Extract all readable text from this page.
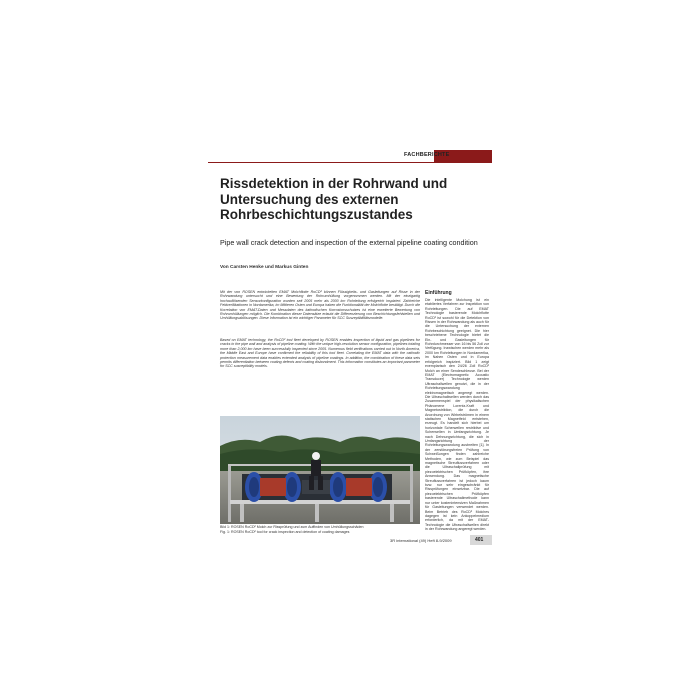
FACHBERICHTE
Rissdetektion in der Rohrwand und Untersuchung des externen Rohrbeschichtungszustandes
Pipe wall crack detection and inspection of the external pipeline coating condition
Von Carsten Henke und Markus Ginten
Mit der von ROSEN entwickelten EMAT Molchflotte RoCD² können Flüssigkeits- und Gasleitungen auf Risse in der Rohrwandung untersucht und eine Bewertung der Rohrumhüllung vorgenommen werden. Mit der einzigartig hochauflösenden Sensorkonfiguration wurden seit 2005 mehr als 2000 km Rohrleitung erfolgreich inspiziert. Zahlreiche Feldverifikationen in Nordamerika, im Mittleren Osten und Europa haben die Funktionalität der Molchflotte bestätigt. Durch die Korrelation von EMAT-Daten und Messdaten des kathodischen Korrosionsschutzes ist eine erweiterte Bewertung von Rohrumhüllungen möglich. Die Kombination dieser Datensätze erlaubt die Differenzierung von Beschichtungsfehlstellen und Umhüllungsablösungen. Diese Information ist ein wichtiger Parameter für SCC Suszeptibilitätsmodelle.
Based on EMAT technology, the RoCD² tool fleet developed by ROSEN enables inspection of liquid and gas pipelines for cracks in the pipe wall and analysis of pipeline coating. With the unique high-resolution sensor configuration, pipelines totaling more than 2,000 km have been successfully inspected since 2005. Numerous field verifications carried out in North America, the Middle East and Europe have confirmed the reliability of this tool fleet. Correlating the EMAT data with the cathodic protection measurement data enables extended analysis of pipeline coatings. In addition, the combination of these data sets permits differentiation between coating defects and coating disbondment. This information constitutes an important parameter for SCC susceptibility models.
Einführung
Die intelligente Molchung ist ein etabliertes Verfahren zur Inspektion von Rohrleitungen. Die auf EMAT Technologie basierende Molchflotte RoCD² ist sowohl für die Detektion von Rissen in der Rohrwandung als auch für die Untersuchung der externen Rohrbeschichtung geeignet. Die hier beschriebene Technologie bietet die Ein- und Gasleitungen für Rohrdurchmesser von 16 bis 56 Zoll zur Verfügung. Inzwischen werden mehr als 2000 km Rohrleitungen in Nordamerika, im Nahen Osten und in Europa erfolgreich inspiziert. Bild 1 zeigt exemplarisch den 24/26 Zoll RoCD² Molch an einer Sendeschleuse. Bei der EMAT (Electromagnetic Acoustic Transducer) Technologie werden Ultraschallwellen genutzt, die in der Rohrleitungswandung elektromagnetisch angeregt werden. Die Ultraschallwellen werden durch das Zusammenspiel der physikalischen Phänomene Lorentz-Kraft und Magnetostriktion, die durch die Anordnung von Wirbelströmen in einem statischen Magnetfeld entstehen, erzeugt. Es handelt sich hierbei um horizontale Scherwellen restriktive und Scherwellen in Umfangsrichtung. Je nach Dehnungsrichtung, die sich in Umfangsrichtung der Rohrleitungswandung ausbreiten [1]. In der zerstörungsfreien Prüfung von Schweißungen finden zahlreiche Methoden, wie zum Beispiel das magnetische Streuflussverfahren oder die Ultraschallprüfung mit piezoelektrischen Prüfköpfen, ihre Anwendung. Das magnetische Streuflussverfahren ist jedoch kaum bzw. nur sehr eingeschränkt für Rissprüfungen einsetzbar. Die auf piezoelektrischen Prüfköpfen basierende Ultraschallmethode kann nur unter kostenintensiven Maßnahmen für Gasleitungen verwendet werden. Beim Betrieb des RoCD² Molches dagegen ist kein Ankoppelmedium erforderlich, da mit der EMAT-Technologie die Ultraschallwellen direkt in der Rohrwandung angeregt werden.
Bild 1: ROSEN RoCD² Molch zur Rissprüfung und zum Auffinden von Umhüllungsschäden
Fig. 1: ROSEN RoCD² tool for crack inspection and detection of coating damages
3R international (49) Heft 8-9/2009	401
